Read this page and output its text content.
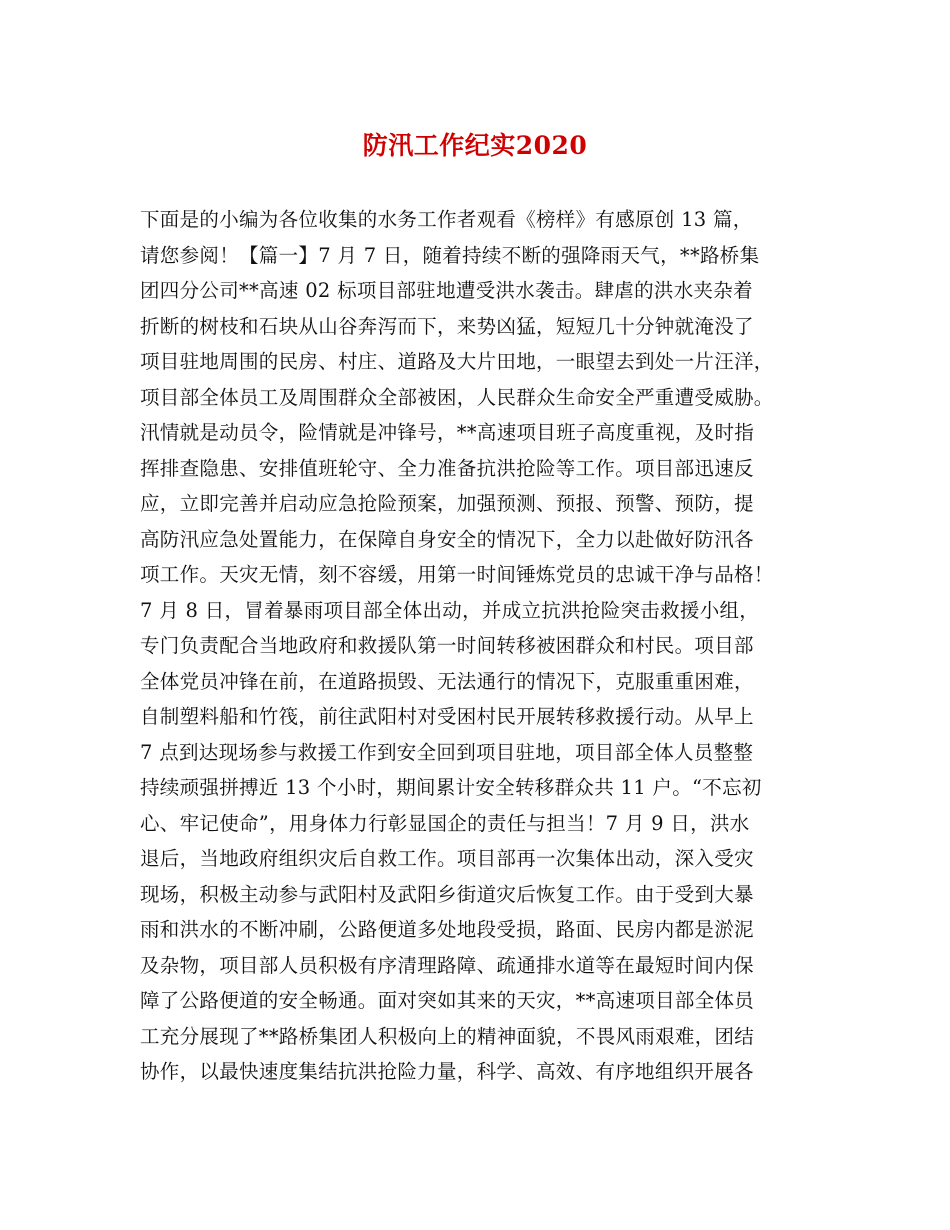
防汛工作纪实2020
下面是的小编为各位收集的水务工作者观看《榜样》有感原创 13 篇，
请您参阅！【篇一】7 月 7 日，随着持续不断的强降雨天气，**路桥集
团四分公司**高速 02 标项目部驻地遭受洪水袭击。肆虐的洪水夹杂着
折断的树枝和石块从山谷奔泻而下，来势凶猛，短短几十分钟就淹没了
项目驻地周围的民房、村庄、道路及大片田地，一眼望去到处一片汪洋，
项目部全体员工及周围群众全部被困，人民群众生命安全严重遭受威胁。
汛情就是动员令，险情就是冲锋号，**高速项目班子高度重视，及时指
挥排查隐患、安排值班轮守、全力准备抗洪抢险等工作。项目部迅速反
应，立即完善并启动应急抢险预案，加强预测、预报、预警、预防，提
高防汛应急处置能力，在保障自身安全的情况下，全力以赴做好防汛各
项工作。天灾无情，刻不容缓，用第一时间锤炼党员的忠诚干净与品格！
7 月 8 日，冒着暴雨项目部全体出动，并成立抗洪抢险突击救援小组，
专门负责配合当地政府和救援队第一时间转移被困群众和村民。项目部
全体党员冲锋在前，在道路损毁、无法通行的情况下，克服重重困难，
自制塑料船和竹筏，前往武阳村对受困村民开展转移救援行动。从早上
7 点到达现场参与救援工作到安全回到项目驻地，项目部全体人员整整
持续顽强拼搏近 13 个小时，期间累计安全转移群众共 11 户。“不忘初
心、牢记使命”，用身体力行彰显国企的责任与担当！7 月 9 日，洪水
退后，当地政府组织灾后自救工作。项目部再一次集体出动，深入受灾
现场，积极主动参与武阳村及武阳乡街道灾后恢复工作。由于受到大暴
雨和洪水的不断冲刷，公路便道多处地段受损，路面、民房内都是淤泥
及杂物，项目部人员积极有序清理路障、疏通排水道等在最短时间内保
障了公路便道的安全畅通。面对突如其来的天灾，**高速项目部全体员
工充分展现了**路桥集团人积极向上的精神面貌，不畏风雨艰难，团结
协作，以最快速度集结抗洪抢险力量，科学、高效、有序地组织开展各
